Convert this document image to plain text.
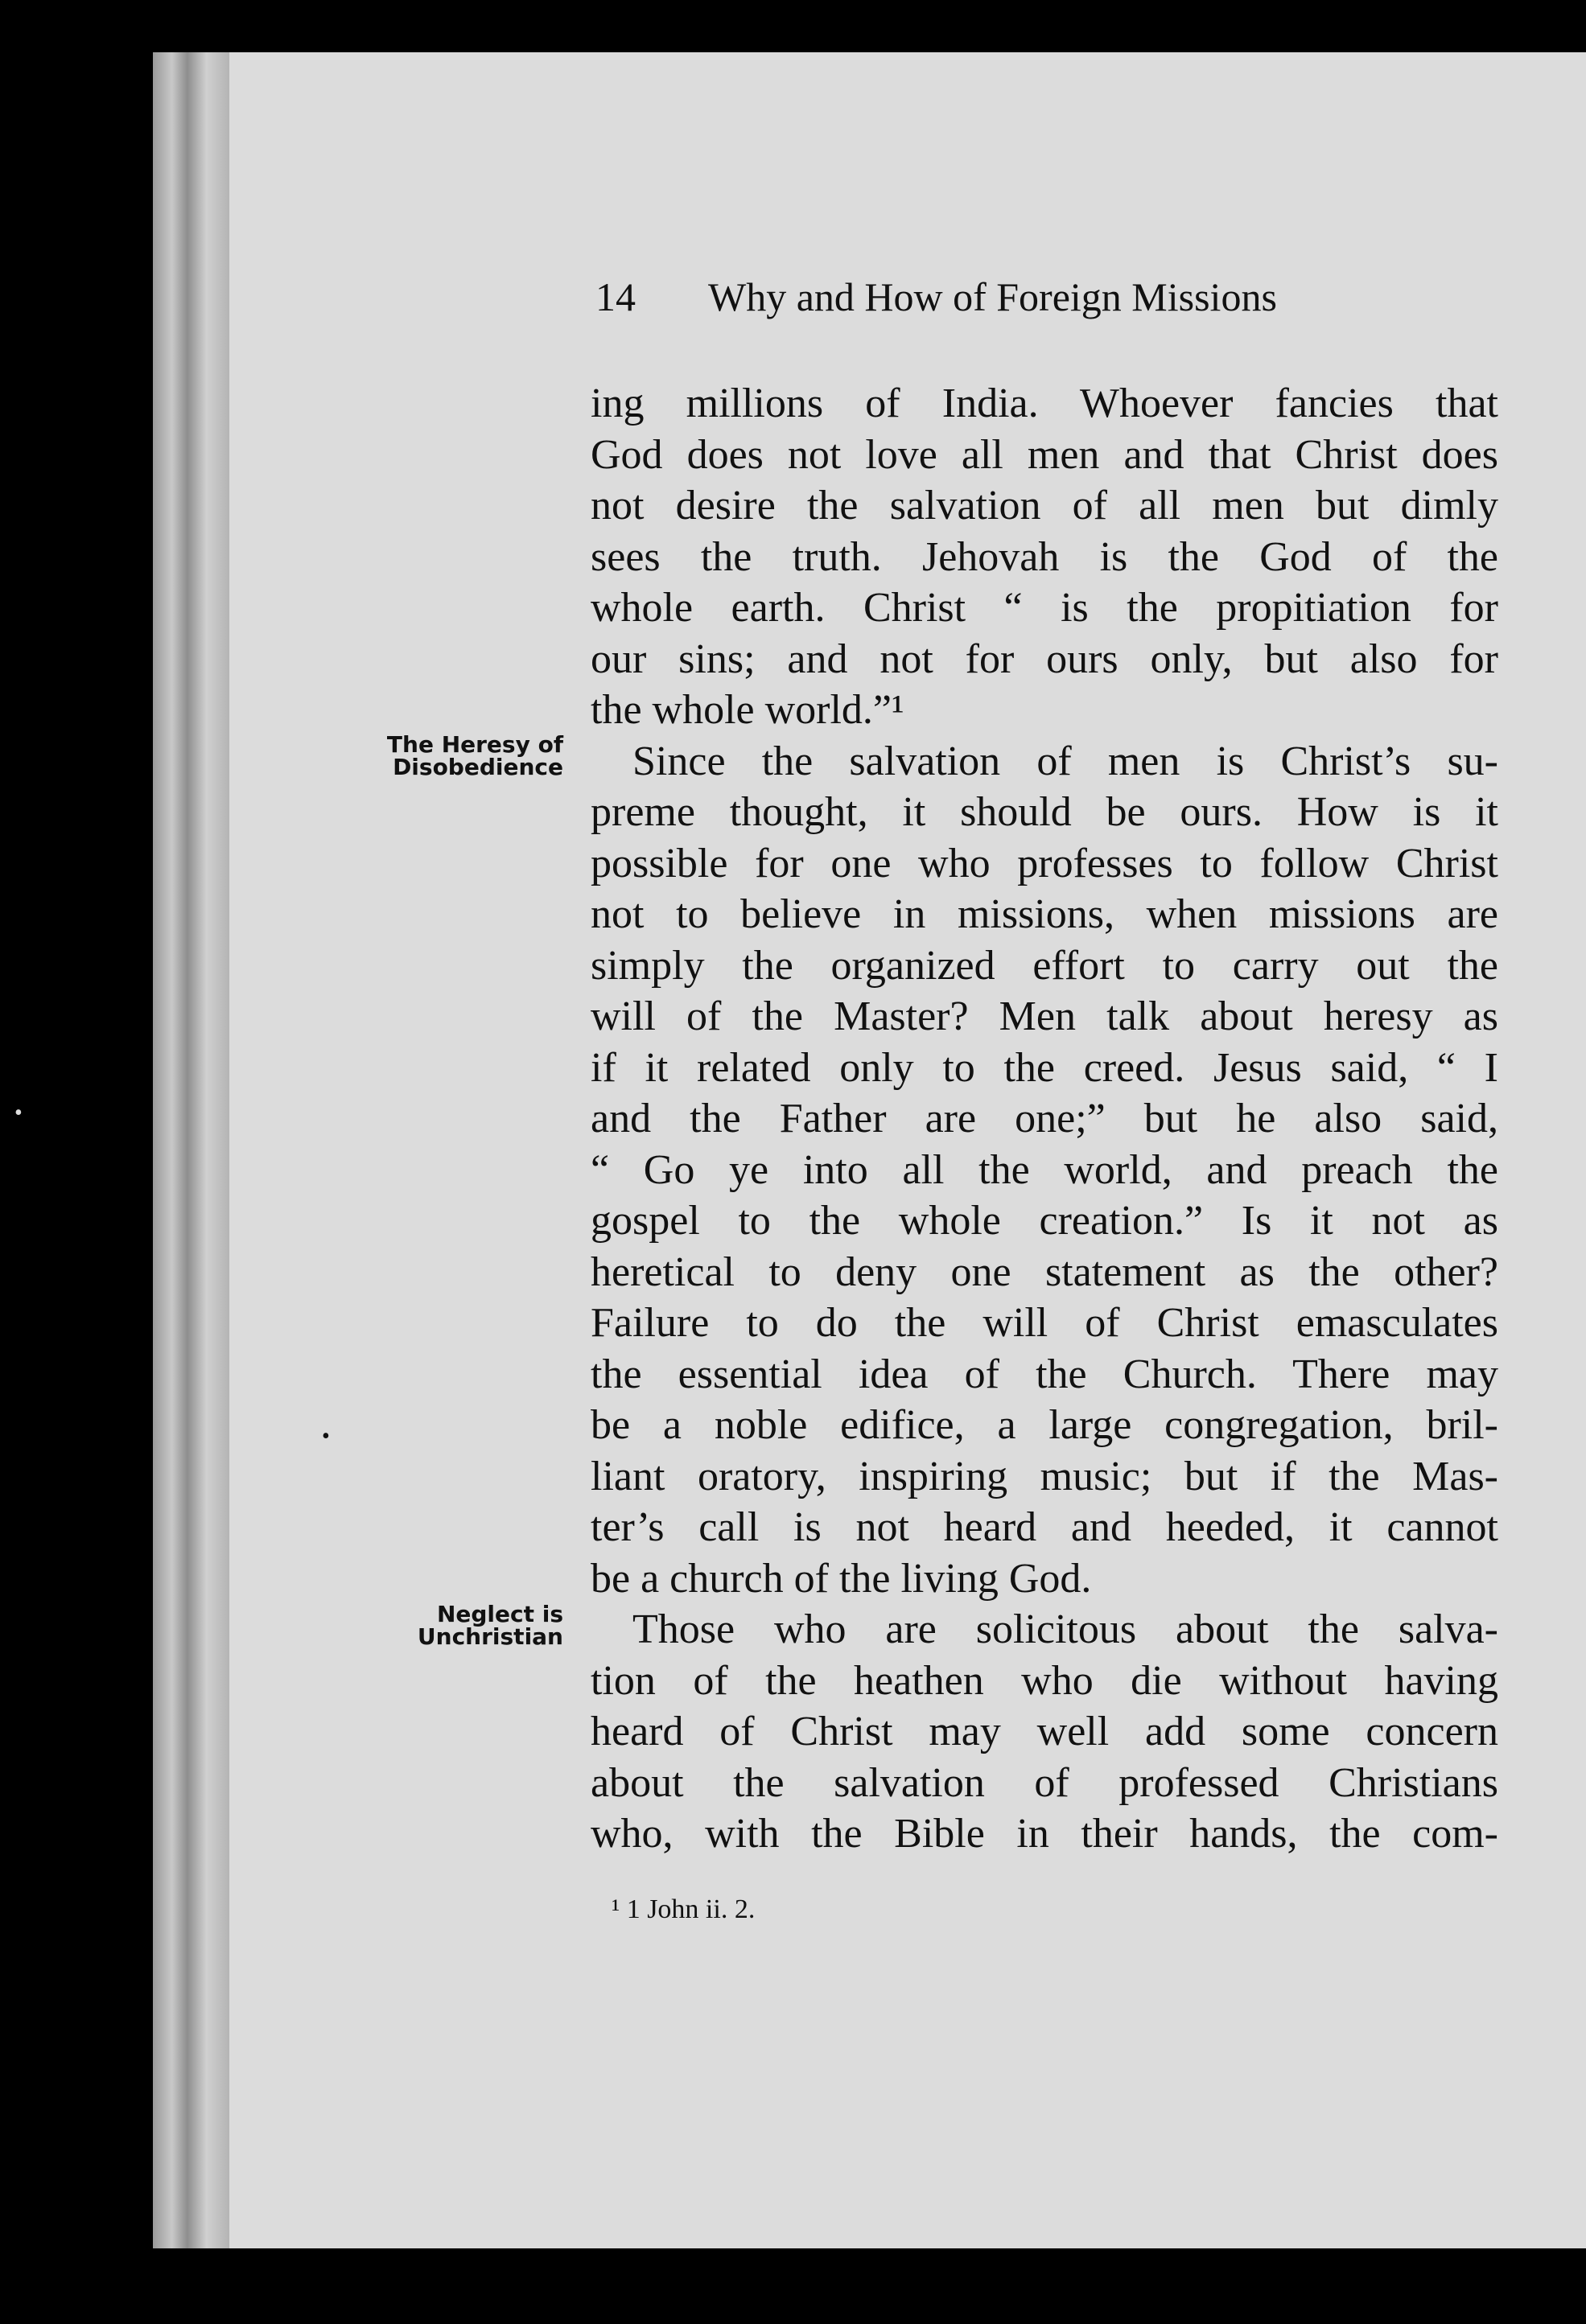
14 Why and How of Foreign Missions
The Heresy of
Disobedience
Neglect is
Unchristian
ing millions of India. Whoever fancies that
God does not love all men and that Christ does
not desire the salvation of all men but dimly
sees the truth. Jehovah is the God of the
whole earth. Christ “ is the propitiation for
our sins; and not for ours only, but also for
the whole world.”¹
Since the salvation of men is Christ’s su-
preme thought, it should be ours. How is it
possible for one who professes to follow Christ
not to believe in missions, when missions are
simply the organized effort to carry out the
will of the Master? Men talk about heresy as
if it related only to the creed. Jesus said, “ I
and the Father are one;” but he also said,
“ Go ye into all the world, and preach the
gospel to the whole creation.” Is it not as
heretical to deny one statement as the other?
Failure to do the will of Christ emasculates
the essential idea of the Church. There may
be a noble edifice, a large congregation, bril-
liant oratory, inspiring music; but if the Mas-
ter’s call is not heard and heeded, it cannot
be a church of the living God.
Those who are solicitous about the salva-
tion of the heathen who die without having
heard of Christ may well add some concern
about the salvation of professed Christians
who, with the Bible in their hands, the com-
¹ 1 John ii. 2.
•
•
